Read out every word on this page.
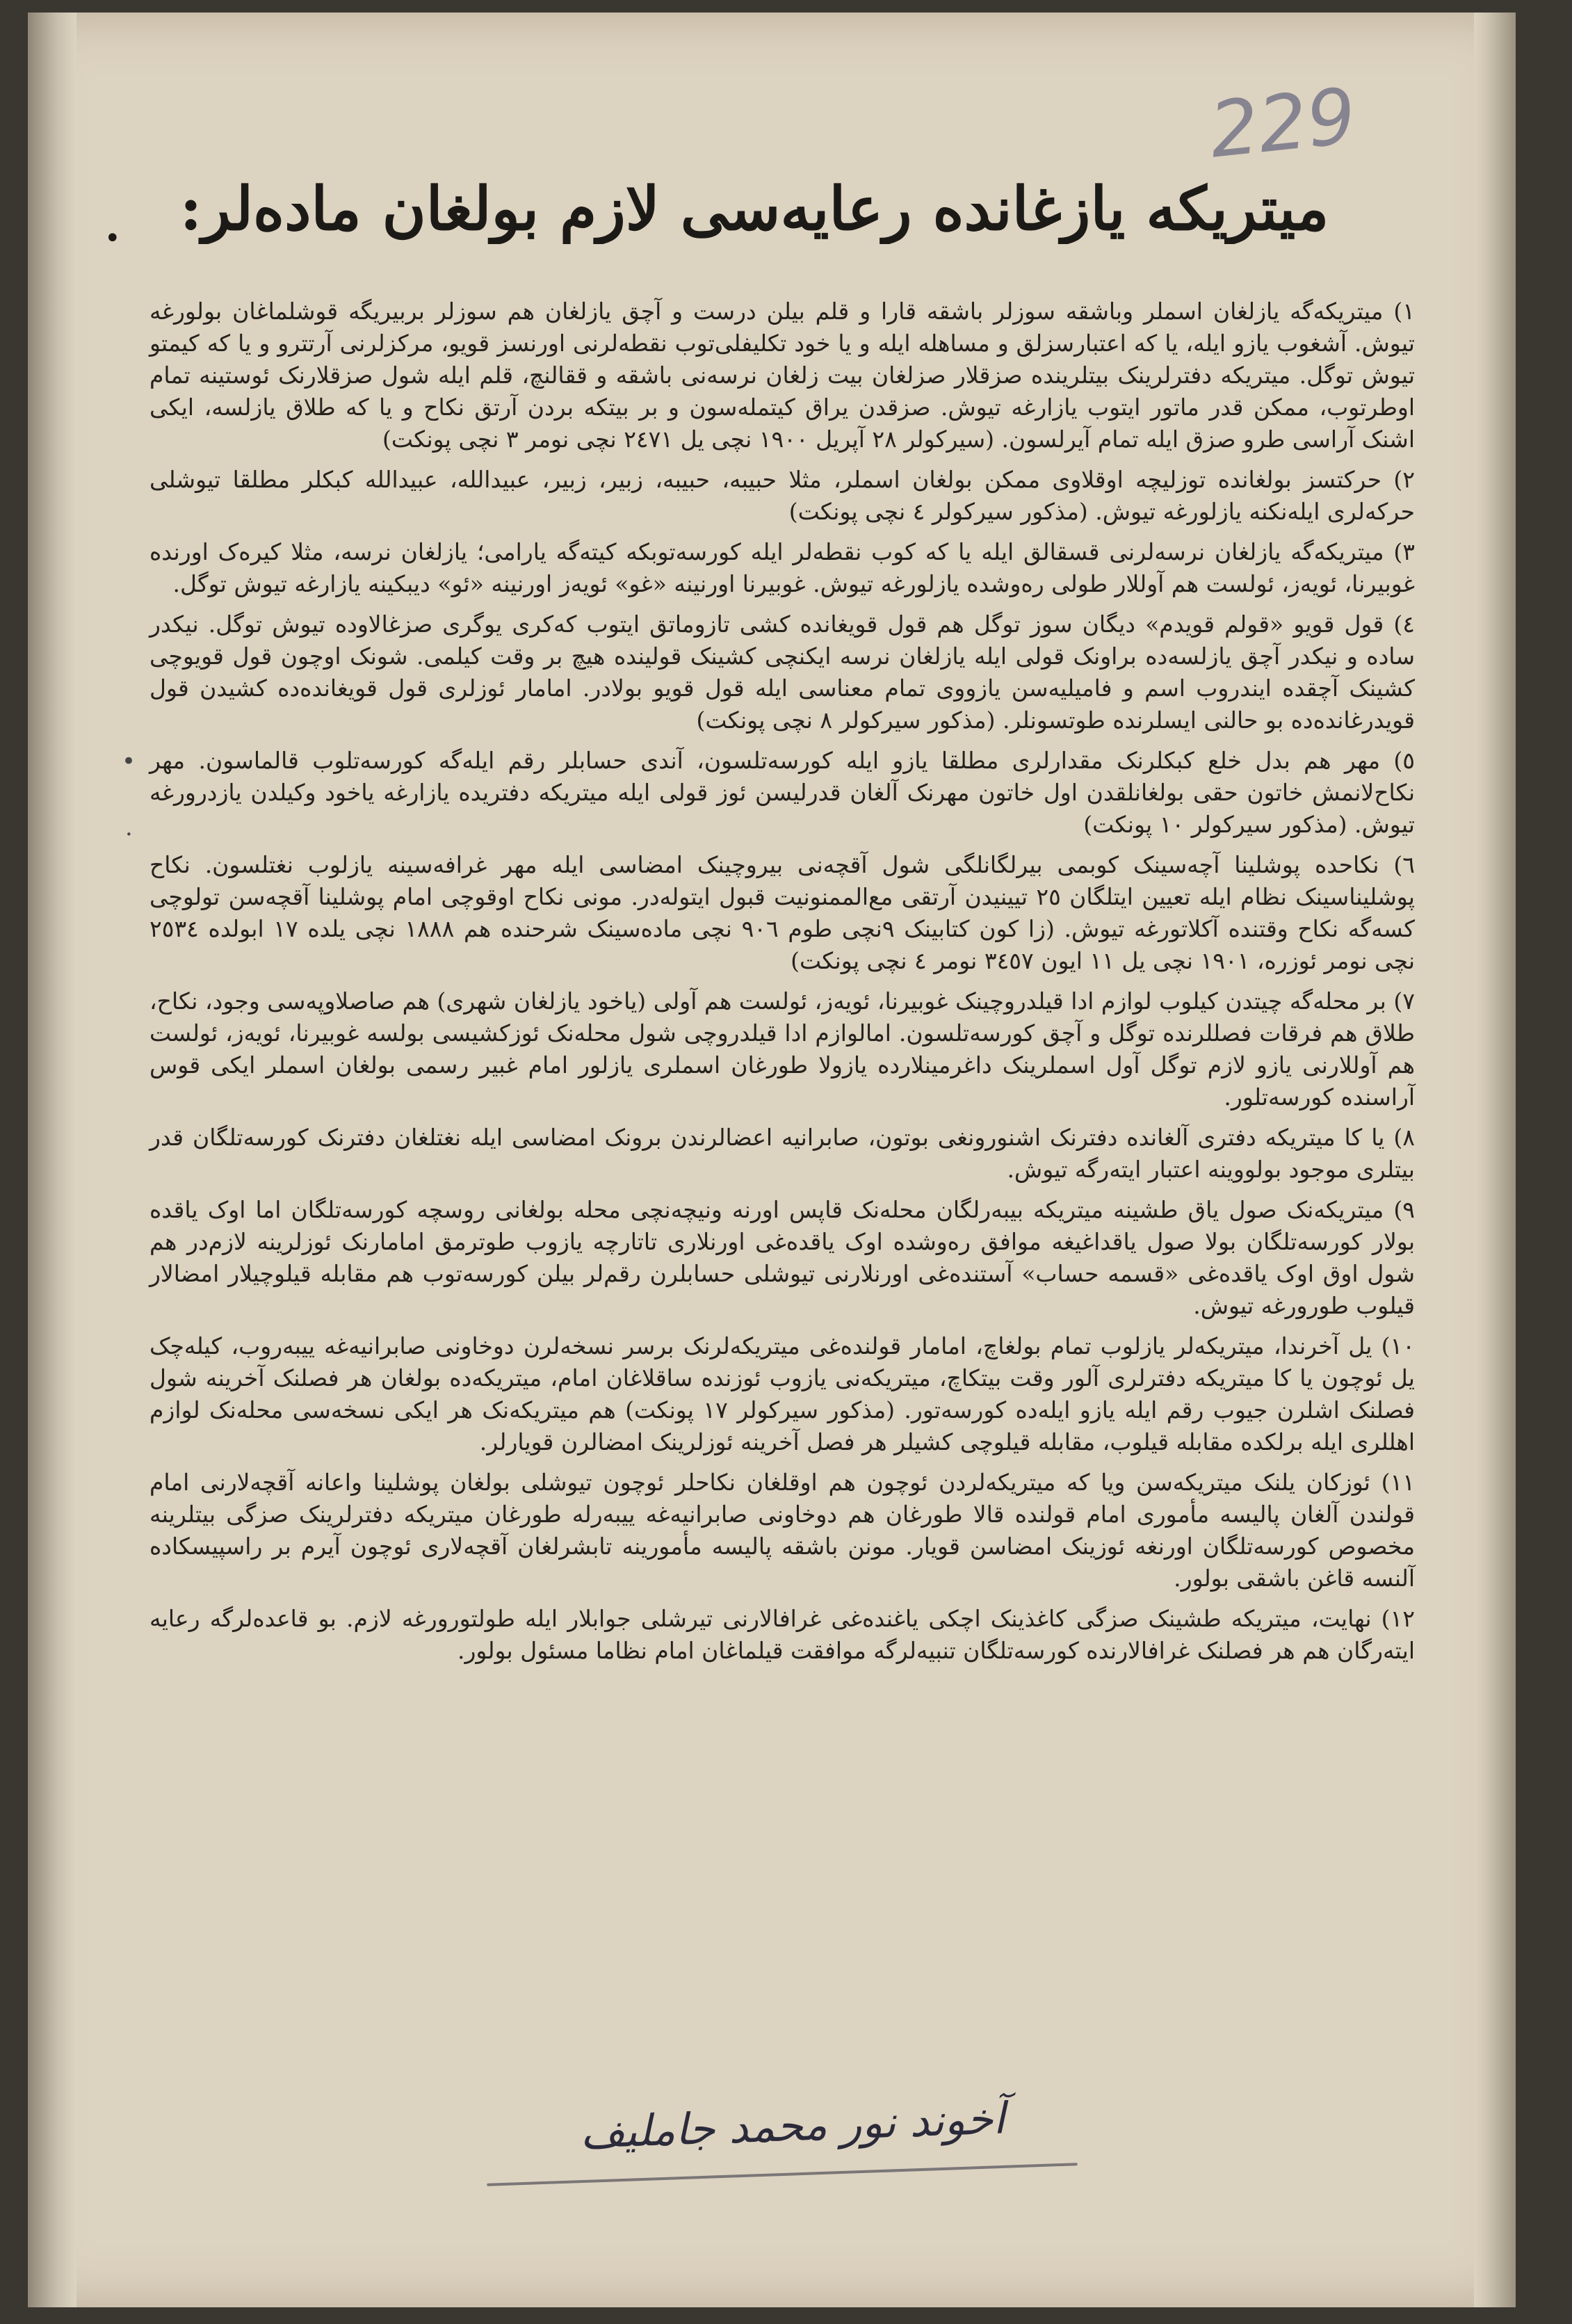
229
• میتریکه یازغانده رعایه‌سی لازم بولغان ماده‌لر:

١) میتریکه‌گه یازلغان اسملر وباشقه سوزلر باشقه قارا و قلم بیلن درست و آچق یازلغان هم سوزلر بر‌بیریگه قوشلماغان بولورغه تیوش. آشغوب یازو ایله، یا که اعتبار‌سزلق و مساهله ایله و یا خود تکلیفلی‌توب نقطه‌لرنی اورنسز قویو، مرکزلرنی آرتترو و یا که کیمتو تیوش توگل. میتریکه دفترلرینک بیتلرینده صزقلار صزلغان بیت زلغان نرسه‌نی باشقه و ققالنچ، قلم ایله شول صزقلارنک ئوستینه تمام اوطرتوب، ممکن قدر ماتور ایتوب یازارغه تیوش. صزقدن یراق کیتمله‌سون و بر بیتکه بردن آرتق نکاح و یا که طلاق یازلسه، ایکی اشنک آراسی طرو صزق ایله تمام آیرلسون. (سیرکولر ٢٨ آپریل ١٩٠٠ نچی یل ٢٤٧١ نچی نومر ٣ نچی پونکت)

٢) حرکتسز بولغانده توزلیچه اوقلاوی ممکن بولغان اسملر، مثلا حبیبه، حبیبه، زبیر، زبیر، عبیدالله، عبیدالله کبکلر مطلقا تیوشلی حرکه‌لری ایله‌نکنه یازلورغه تیوش. (مذکور سیرکولر ٤ نچی پونکت)

٣) میتریکه‌گه یازلغان نرسه‌لرنی قسقالق ایله یا که کوب نقطه‌لر ایله کورسه‌توبکه کیته‌گه یارامی؛ یازلغان نرسه، مثلا کیره‌ک اورنده غوبیرنا، ئویه‌ز، ئولست هم آوللار طولی ره‌وشده یازلورغه تیوش. غوبیرنا اورنینه «غو» ئویه‌ز اورنینه «ئو» دیبکینه یازارغه تیوش توگل.

٤) قول قویو «قولم قویدم» دیگان سوز توگل هم قول قویغانده کشی تاز‌وماتق ایتوب که‌کری یوگری صزغالاوده تیوش توگل. نیکدر ساده و نیکدر آچق یازلسه‌ده براونک قولی ایله یازلغان نرسه ایکنچی کشینک قولینده هیچ بر وقت کیلمی. شونک اوچون قول قویوچی کشینک آچقده ایندروب اسم و فامیلیه‌سن یازووی تمام معناسی ایله قول قویو بولادر. امامار ئوزلری قول قویغانده‌ده کشیدن قول قویدرغانده‌ده بو حالنی ایسلرنده طوتسونلر. (مذکور سیرکولر ٨ نچی پونکت)

٥) مهر هم بدل خلع کبکلرنک مقدارلری مطلقا یازو ایله کورسه‌تلسون، آندی حسابلر رقم ایله‌گه کورسه‌تلوب قالماسون. مهر نکاح‌لانمش خاتون حقی بولغانلقدن اول خاتون مهرنک آلغان قدرلیسن ئوز قولی ایله میتریکه دفتریده یازارغه یاخود وکیلدن یازدرورغه تیوش. (مذکور سیرکولر ١٠ پونکت)

٦) نکاحده پوشلینا آچه‌سینک کوبمی بیرلگانلگی شول آقچه‌نی بیروچینک امضاسی ایله مهر غرافه‌سینه یازلوب نغتلسون. نکاح پوشلیناسینک نظام ایله تعیین ایتلگان ٢٥ تیینیدن آرتقی مع‌الممنونیت قبول ایتوله‌در. مونی نکاح اوقوچی امام پوشلینا آقچه‌سن تولوچی کسه‌گه نکاح وقتنده آکلاتورغه تیوش. (زا کون کتابینک ٩نچی طوم ٩٠٦ نچی ماده‌سینک شرحنده هم ١٨٨٨ نچی یلده ١٧ ابولده ٢٥٣٤ نچی نومر ئوزره، ١٩٠١ نچی یل ١١ ایون ٣٤٥٧ نومر ٤ نچی پونکت)

٧) بر محله‌گه چیتدن کیلوب لوازم ادا قیلدروچینک غوبیرنا، ئویه‌ز، ئولست هم آولی (یاخود یازلغان شهری) هم صاصلاوپه‌سی وجود، نکاح، طلاق هم فرقات فصللرنده توگل و آچق کورسه‌تلسون. امالوازم ادا قیلدروچی شول محله‌نک ئوزکشیسی بولسه غوبیرنا، ئویه‌ز، ئولست هم آوللارنی یازو لازم توگل آول اسملرینک داغرمینلارده یازولا طورغان اسملری یازلور امام غبیر رسمی بولغان اسملر ایکی قوس آراسنده کورسه‌تلور.

٨) یا کا میتریکه دفتری آلغانده دفترنک اشنورونغی بوتون، صابرانیه اعضالرندن برونک امضاسی ایله نغتلغان دفترنک کورسه‌تلگان قدر بیتلری موجود بولووینه اعتبار ایته‌رگه تیوش.

٩) میتریکه‌نک صول یاق طشینه میتریکه بیبه‌رلگان محله‌نک قاپس اورنه ونیچه‌نچی محله بولغانی روسچه کورسه‌تلگان اما اوک یاقده بولار کورسه‌تلگان بولا صول یاقداغیغه موافق ره‌وشده اوک یاقده‌غی اورنلاری تاتارچه یازوب طوترمق امامارنک ئوزلرینه لازم‌در هم شول اوق اوک یاقده‌غی «قسمه حساب» آستنده‌غی اورنلارنی تیوشلی حسابلرن رقم‌لر بیلن کورسه‌توب هم مقابله قیلوچیلار امضالار قیلوب طورورغه تیوش.

١٠) یل آخرندا، میتریکه‌لر یازلوب تمام بولغاچ، امامار قولنده‌غی میتریکه‌لرنک برسر نسخه‌لرن دوخاونی صابرانیه‌غه ییبه‌روب، کیله‌چک یل ئوچون یا کا میتریکه دفترلری آلور وقت بیتکاچ، میتریکه‌نی یازوب ئوزنده ساقلاغان امام، میتریکه‌ده بولغان هر فصلنک آخرینه شول فصلنک اشلرن جیوب رقم ایله یازو ایله‌ده کورسه‌تور. (مذکور سیرکولر ١٧ پونکت) هم میتریکه‌نک هر ایکی نسخه‌سی محله‌نک لوازم اهللری ایله برلکده مقابله قیلوب، مقابله قیلوچی کشیلر هر فصل آخرینه ئوزلرینک امضالرن قویارلر.

١١) ئوزکان یلنک میتریکه‌سن ویا که میتریکه‌لردن ئوچون هم اوقلغان نکاحلر ئوچون تیوشلی بولغان پوشلینا واعانه آقچه‌لارنی امام قولندن آلغان پالیسه مأموری امام قولنده قالا طورغان هم دوخاونی صابرانیه‌غه ییبه‌رله طورغان میتریکه دفترلرینک صزگی بیتلرینه مخصوص کورسه‌تلگان اورنغه ئوزینک امضاسن قویار. مونن باشقه پالیسه مأمورینه تابشرلغان آقچه‌لاری ئوچون آیرم بر راسپیسکاده آلنسه قاغن باشقی بولور.

١٢) نهایت، میتریکه طشینک صزگی کاغذینک اچکی یاغنده‌غی غرافالارنی تیرشلی جوابلار ایله طولتورورغه لازم. بو قاعده‌لرگه رعایه ایته‌رگان هم هر فصلنک غرافالارنده کورسه‌تلگان تنبیه‌لرگه موافقت قیلماغان امام نظاما مسئول بولور.

آخوند نور محمد جامليف
•
·
